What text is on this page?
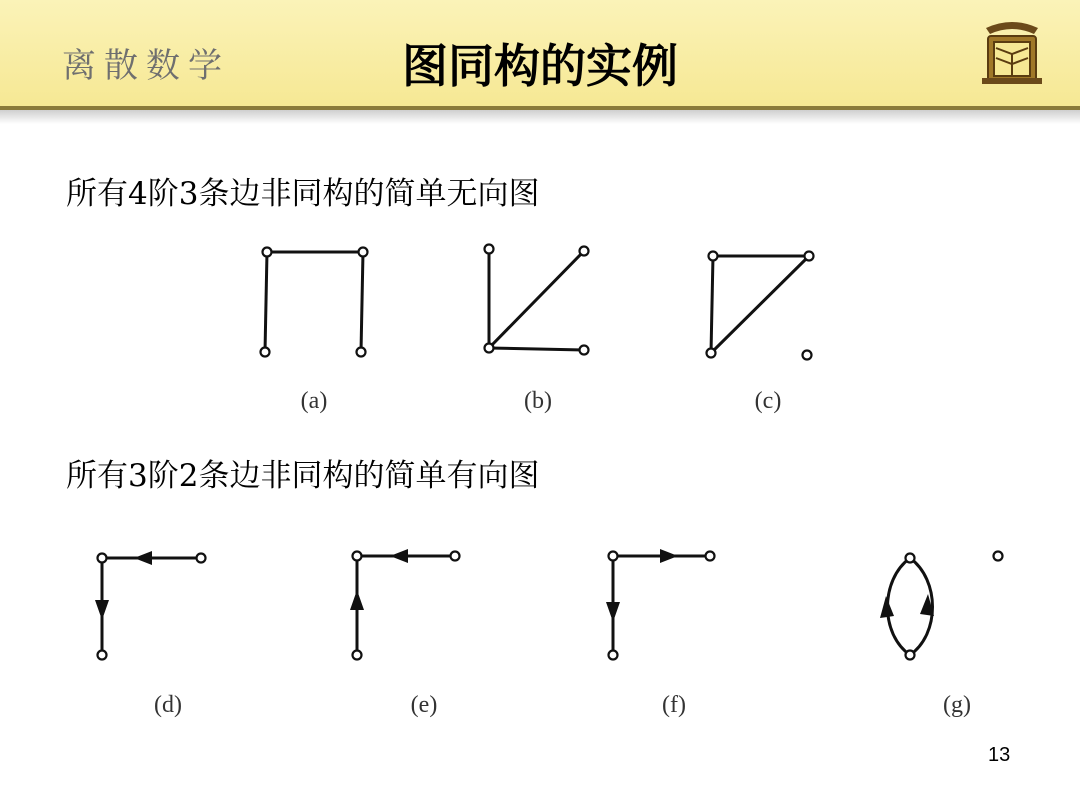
离散数学	图同构的实例
所有4阶3条边非同构的简单无向图
所有3阶2条边非同构的简单有向图
(a)	(b)	(c)
(d)	(e)	(f)	(g)
13
